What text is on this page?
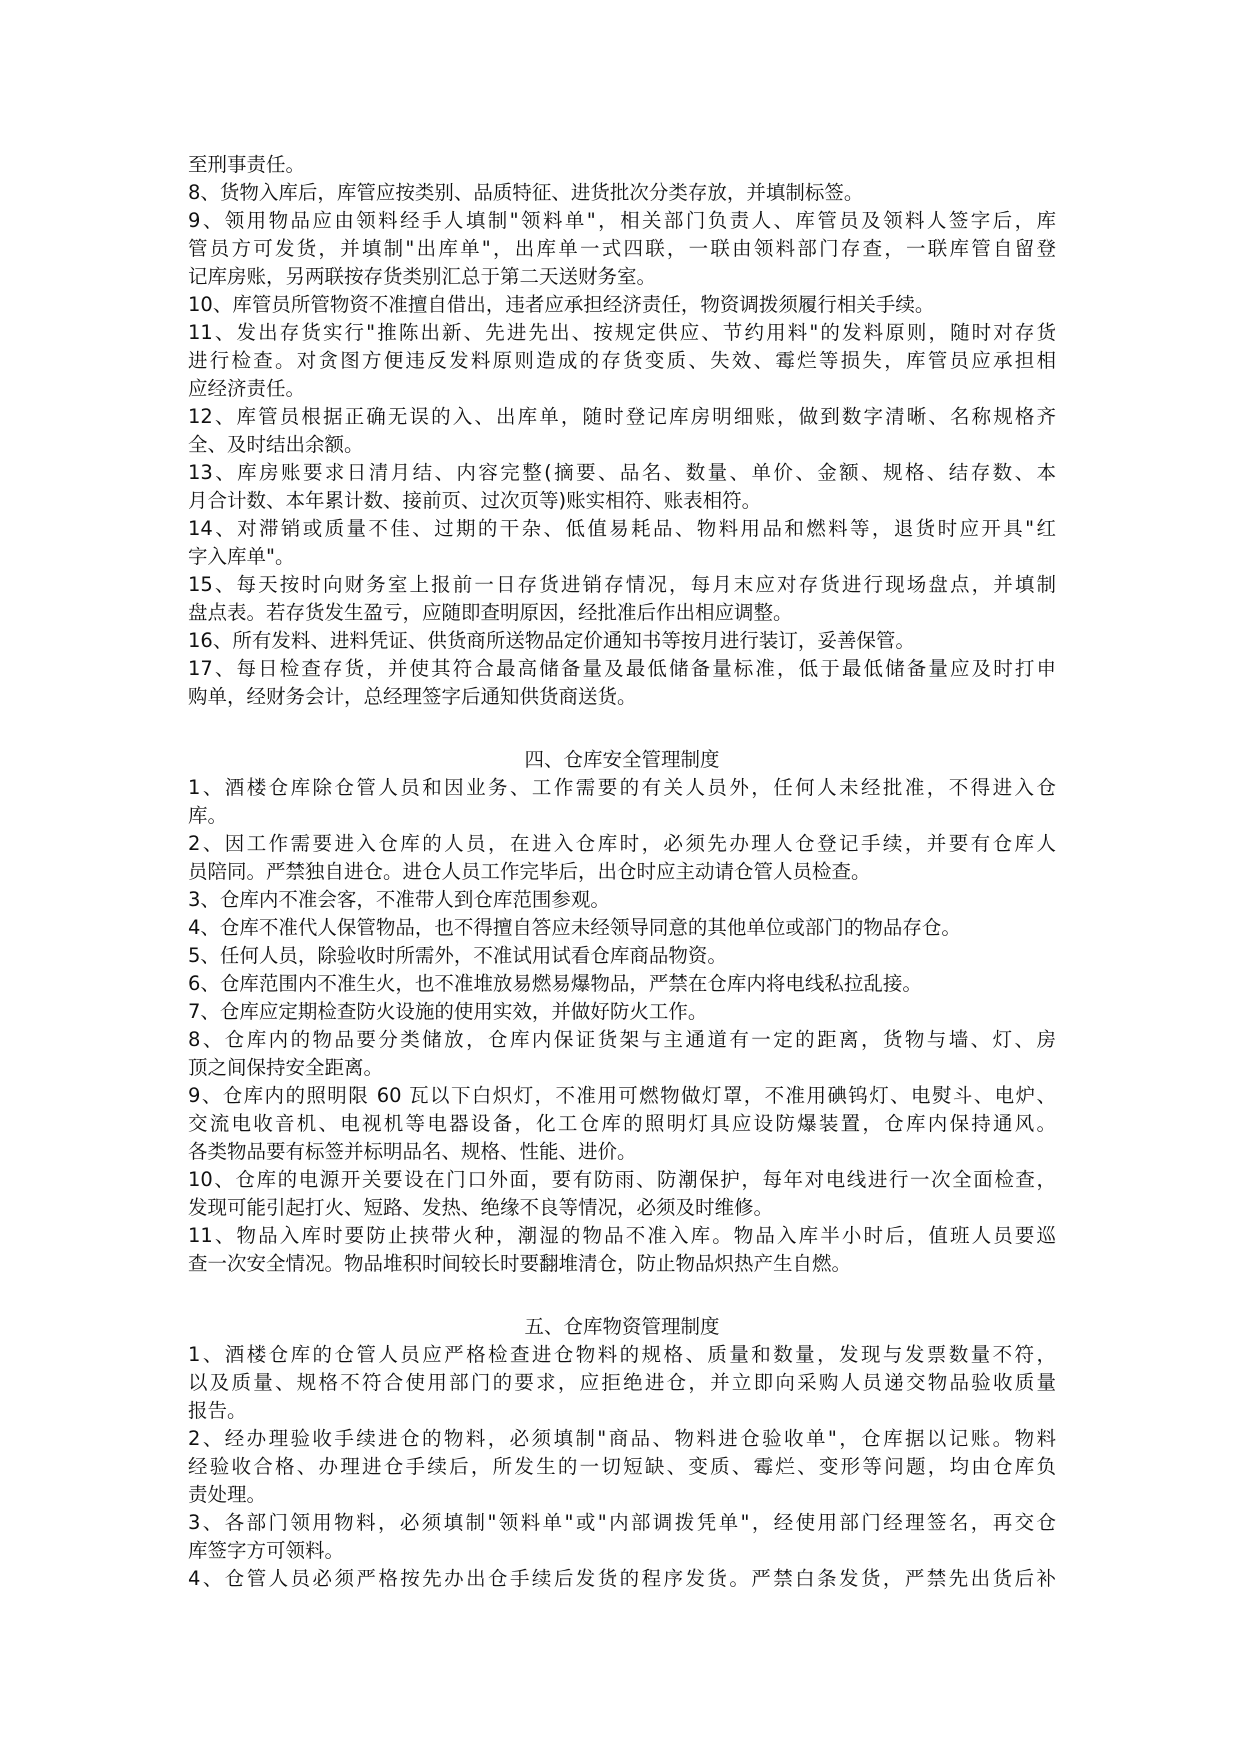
至刑事责任。
8、货物入库后，库管应按类别、品质特征、进货批次分类存放，并填制标签。
9、领用物品应由领料经手人填制"领料单"，相关部门负责人、库管员及领料人签字后，库
管员方可发货，并填制"出库单"，出库单一式四联，一联由领料部门存查，一联库管自留登
记库房账，另两联按存货类别汇总于第二天送财务室。
10、库管员所管物资不准擅自借出，违者应承担经济责任，物资调拨须履行相关手续。
11、发出存货实行"推陈出新、先进先出、按规定供应、节约用料"的发料原则，随时对存货
进行检查。对贪图方便违反发料原则造成的存货变质、失效、霉烂等损失，库管员应承担相
应经济责任。
12、库管员根据正确无误的入、出库单，随时登记库房明细账，做到数字清晰、名称规格齐
全、及时结出余额。
13、库房账要求日清月结、内容完整(摘要、品名、数量、单价、金额、规格、结存数、本
月合计数、本年累计数、接前页、过次页等)账实相符、账表相符。
14、对滞销或质量不佳、过期的干杂、低值易耗品、物料用品和燃料等，退货时应开具"红
字入库单"。
15、每天按时向财务室上报前一日存货进销存情况，每月末应对存货进行现场盘点，并填制
盘点表。若存货发生盈亏，应随即查明原因，经批准后作出相应调整。
16、所有发料、进料凭证、供货商所送物品定价通知书等按月进行装订，妥善保管。
17、每日检查存货，并使其符合最高储备量及最低储备量标准，低于最低储备量应及时打申
购单，经财务会计，总经理签字后通知供货商送货。
四、仓库安全管理制度
1、酒楼仓库除仓管人员和因业务、工作需要的有关人员外，任何人未经批准，不得进入仓
库。
2、因工作需要进入仓库的人员，在进入仓库时，必须先办理人仓登记手续，并要有仓库人
员陪同。严禁独自进仓。进仓人员工作完毕后，出仓时应主动请仓管人员检查。
3、仓库内不准会客，不准带人到仓库范围参观。
4、仓库不准代人保管物品，也不得擅自答应未经领导同意的其他单位或部门的物品存仓。
5、任何人员，除验收时所需外，不准试用试看仓库商品物资。
6、仓库范围内不准生火，也不准堆放易燃易爆物品，严禁在仓库内将电线私拉乱接。
7、仓库应定期检查防火设施的使用实效，并做好防火工作。
8、仓库内的物品要分类储放，仓库内保证货架与主通道有一定的距离，货物与墙、灯、房
顶之间保持安全距离。
9、仓库内的照明限 60 瓦以下白炽灯，不准用可燃物做灯罩，不准用碘钨灯、电熨斗、电炉、
交流电收音机、电视机等电器设备，化工仓库的照明灯具应设防爆装置，仓库内保持通风。
各类物品要有标签并标明品名、规格、性能、进价。
10、仓库的电源开关要设在门口外面，要有防雨、防潮保护，每年对电线进行一次全面检查，
发现可能引起打火、短路、发热、绝缘不良等情况，必须及时维修。
11、物品入库时要防止挟带火种，潮湿的物品不准入库。物品入库半小时后，值班人员要巡
查一次安全情况。物品堆积时间较长时要翻堆清仓，防止物品炽热产生自燃。
五、仓库物资管理制度
1、酒楼仓库的仓管人员应严格检查进仓物料的规格、质量和数量，发现与发票数量不符，
以及质量、规格不符合使用部门的要求，应拒绝进仓，并立即向采购人员递交物品验收质量
报告。
2、经办理验收手续进仓的物料，必须填制"商品、物料进仓验收单"，仓库据以记账。物料
经验收合格、办理进仓手续后，所发生的一切短缺、变质、霉烂、变形等问题，均由仓库负
责处理。
3、各部门领用物料，必须填制"领料单"或"内部调拨凭单"，经使用部门经理签名，再交仓
库签字方可领料。
4、仓管人员必须严格按先办出仓手续后发货的程序发货。严禁白条发货，严禁先出货后补
